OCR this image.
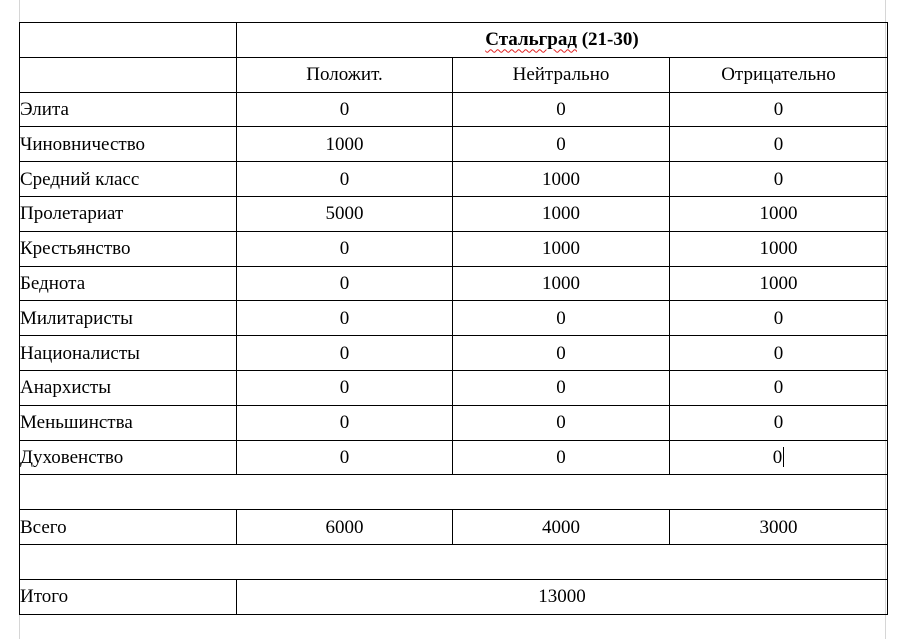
	Стальград (21-30)		
	Положит.	Нейтрально	Отрицательно
Элита	0	0	0
Чиновничество	1000	0	0
Средний класс	0	1000	0
Пролетариат	5000	1000	1000
Крестьянство	0	1000	1000
Беднота	0	1000	1000
Милитаристы	0	0	0
Националисты	0	0	0
Анархисты	0	0	0
Меньшинства	0	0	0
Духовенство	0	0	0

Всего	6000	4000	3000

Итого	13000		
